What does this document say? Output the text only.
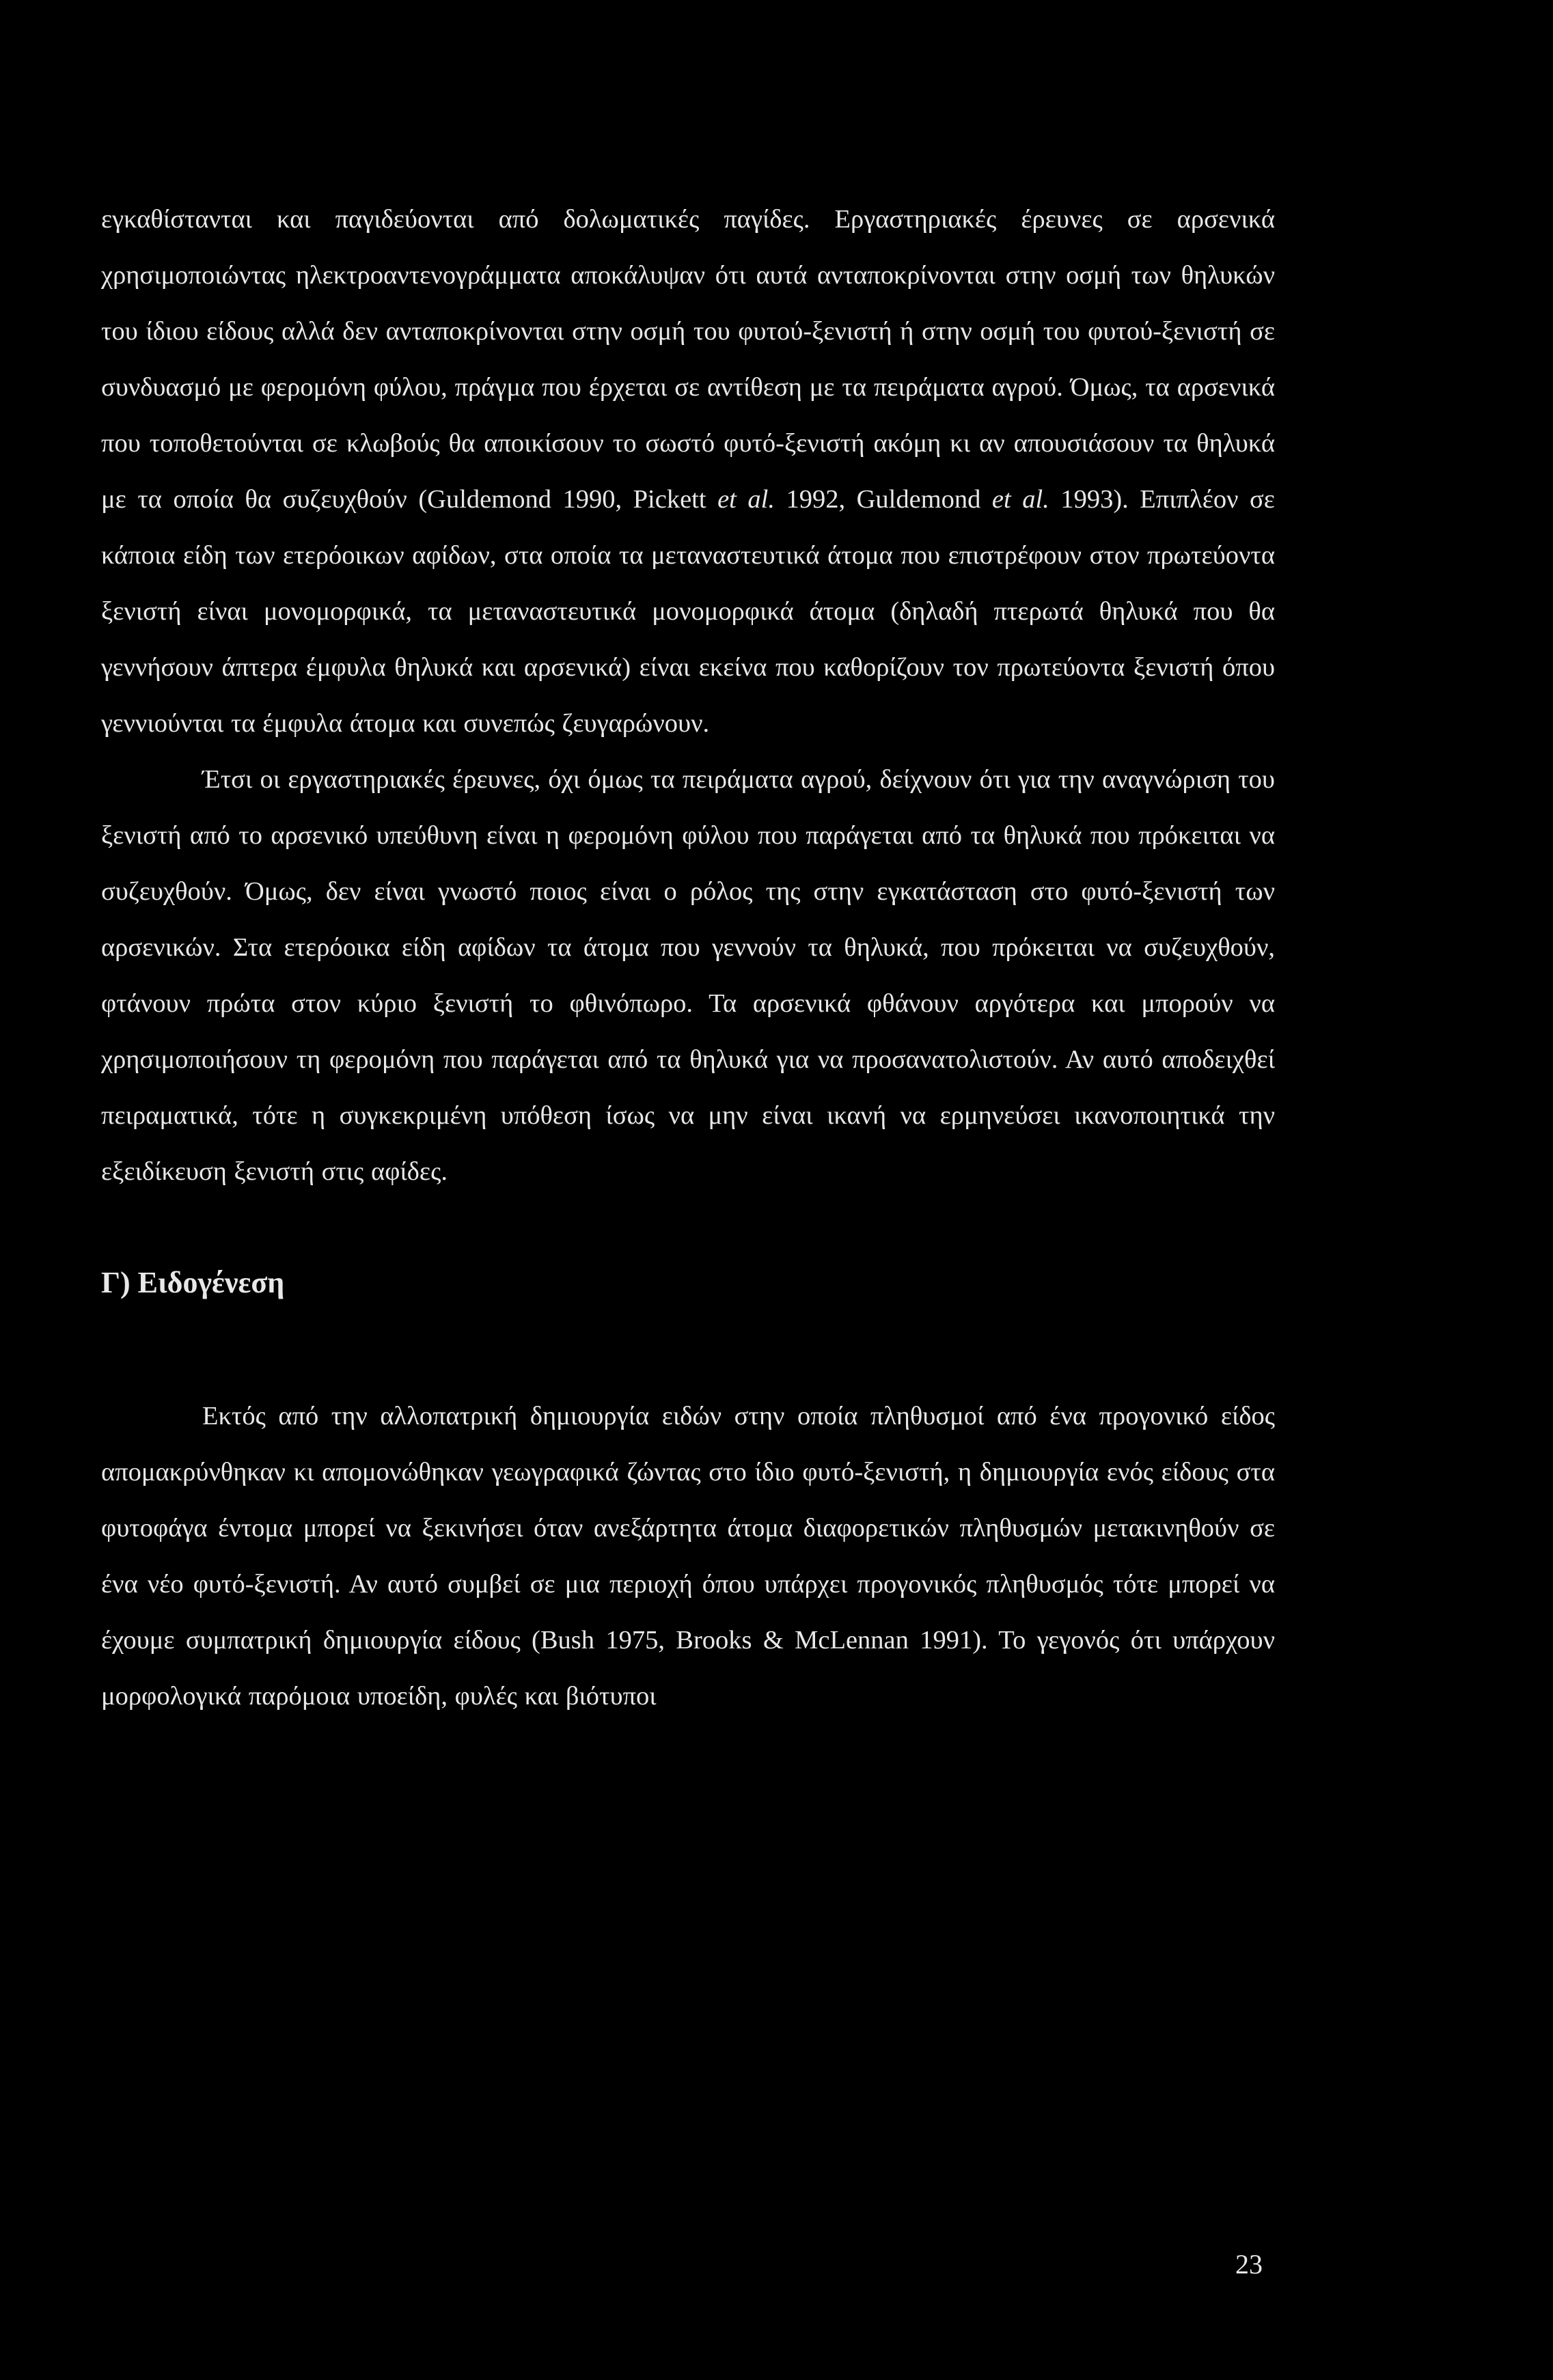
εγκαθίστανται και παγιδεύονται από δολωματικές παγίδες. Εργαστηριακές έρευνες σε αρσενικά χρησιμοποιώντας ηλεκτροαντενογράμματα αποκάλυψαν ότι αυτά ανταποκρίνονται στην οσμή των θηλυκών του ίδιου είδους αλλά δεν ανταποκρίνονται στην οσμή του φυτού-ξενιστή ή στην οσμή του φυτού-ξενιστή σε συνδυασμό με φερομόνη φύλου, πράγμα που έρχεται σε αντίθεση με τα πειράματα αγρού. Όμως, τα αρσενικά που τοποθετούνται σε κλωβούς θα αποικίσουν το σωστό φυτό-ξενιστή ακόμη κι αν απουσιάσουν τα θηλυκά με τα οποία θα συζευχθούν (Guldemond 1990, Pickett et al. 1992, Guldemond et al. 1993). Επιπλέον σε κάποια είδη των ετερόοικων αφίδων, στα οποία τα μεταναστευτικά άτομα που επιστρέφουν στον πρωτεύοντα ξενιστή είναι μονομορφικά, τα μεταναστευτικά μονομορφικά άτομα (δηλαδή πτερωτά θηλυκά που θα γεννήσουν άπτερα έμφυλα θηλυκά και αρσενικά) είναι εκείνα που καθορίζουν τον πρωτεύοντα ξενιστή όπου γεννιούνται τα έμφυλα άτομα και συνεπώς ζευγαρώνουν.

Έτσι οι εργαστηριακές έρευνες, όχι όμως τα πειράματα αγρού, δείχνουν ότι για την αναγνώριση του ξενιστή από το αρσενικό υπεύθυνη είναι η φερομόνη φύλου που παράγεται από τα θηλυκά που πρόκειται να συζευχθούν. Όμως, δεν είναι γνωστό ποιος είναι ο ρόλος της στην εγκατάσταση στο φυτό-ξενιστή των αρσενικών. Στα ετερόοικα είδη αφίδων τα άτομα που γεννούν τα θηλυκά, που πρόκειται να συζευχθούν, φτάνουν πρώτα στον κύριο ξενιστή το φθινόπωρο. Τα αρσενικά φθάνουν αργότερα και μπορούν να χρησιμοποιήσουν τη φερομόνη που παράγεται από τα θηλυκά για να προσανατολιστούν. Αν αυτό αποδειχθεί πειραματικά, τότε η συγκεκριμένη υπόθεση ίσως να μην είναι ικανή να ερμηνεύσει ικανοποιητικά την εξειδίκευση ξενιστή στις αφίδες.

Γ) Ειδογένεση

Εκτός από την αλλοπατρική δημιουργία ειδών στην οποία πληθυσμοί από ένα προγονικό είδος απομακρύνθηκαν κι απομονώθηκαν γεωγραφικά ζώντας στο ίδιο φυτό-ξενιστή, η δημιουργία ενός είδους στα φυτοφάγα έντομα μπορεί να ξεκινήσει όταν ανεξάρτητα άτομα διαφορετικών πληθυσμών μετακινηθούν σε ένα νέο φυτό-ξενιστή. Αν αυτό συμβεί σε μια περιοχή όπου υπάρχει προγονικός πληθυσμός τότε μπορεί να έχουμε συμπατρική δημιουργία είδους (Bush 1975, Brooks & McLennan 1991). Το γεγονός ότι υπάρχουν μορφολογικά παρόμοια υποείδη, φυλές και βιότυποι

23
